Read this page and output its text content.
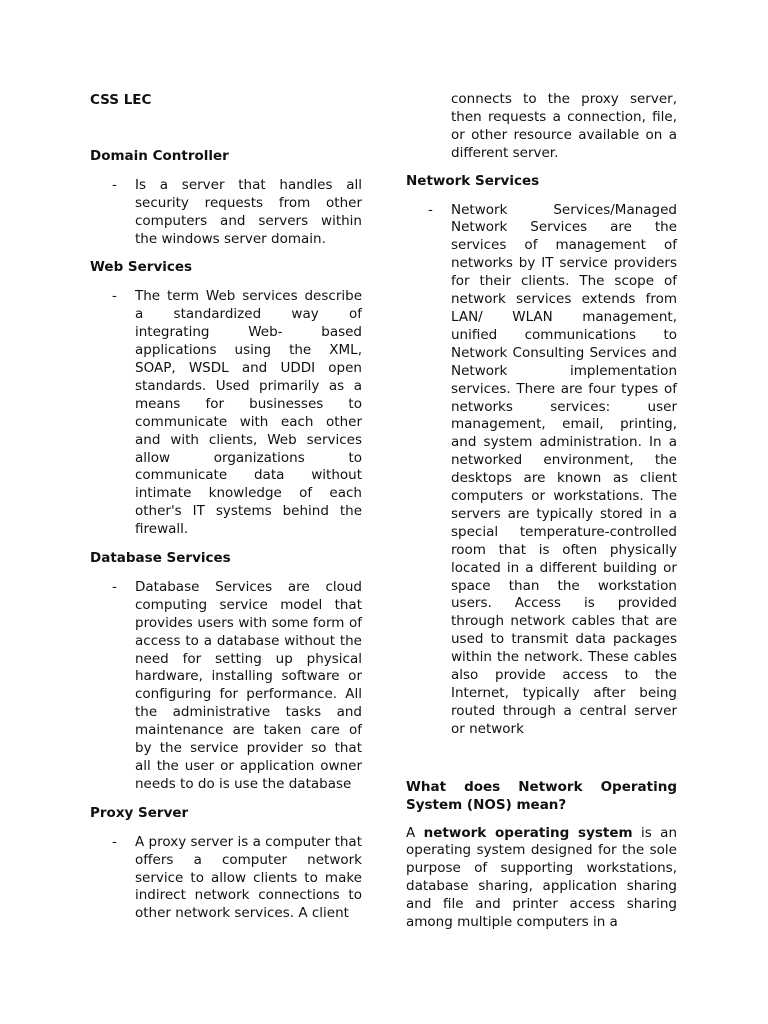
CSS LEC
Domain Controller
- Is a server that handles all security requests from other computers and servers within the windows server domain.
Web Services
- The term Web services describe a standardized way of integrating Web- based applications using the XML, SOAP, WSDL and UDDI open standards. Used primarily as a means for businesses to communicate with each other and with clients, Web services allow organizations to communicate data without intimate knowledge of each other's IT systems behind the firewall.
Database Services
- Database Services are cloud computing service model that provides users with some form of access to a database without the need for setting up physical hardware, installing software or configuring for performance. All the administrative tasks and maintenance are taken care of by the service provider so that all the user or application owner needs to do is use the database
Proxy Server
- A proxy server is a computer that offers a computer network service to allow clients to make indirect network connections to other network services. A client
connects to the proxy server, then requests a connection, file, or other resource available on a different server.
Network Services
- Network Services/Managed Network Services are the services of management of networks by IT service providers for their clients. The scope of network services extends from LAN/ WLAN management, unified communications to Network Consulting Services and Network implementation services. There are four types of networks services: user management, email, printing, and system administration. In a networked environment, the desktops are known as client computers or workstations. The servers are typically stored in a special temperature-controlled room that is often physically located in a different building or space than the workstation users. Access is provided through network cables that are used to transmit data packages within the network. These cables also provide access to the Internet, typically after being routed through a central server or network
What does Network Operating System (NOS) mean?

A network operating system is an operating system designed for the sole purpose of supporting workstations, database sharing, application sharing and file and printer access sharing among multiple computers in a
